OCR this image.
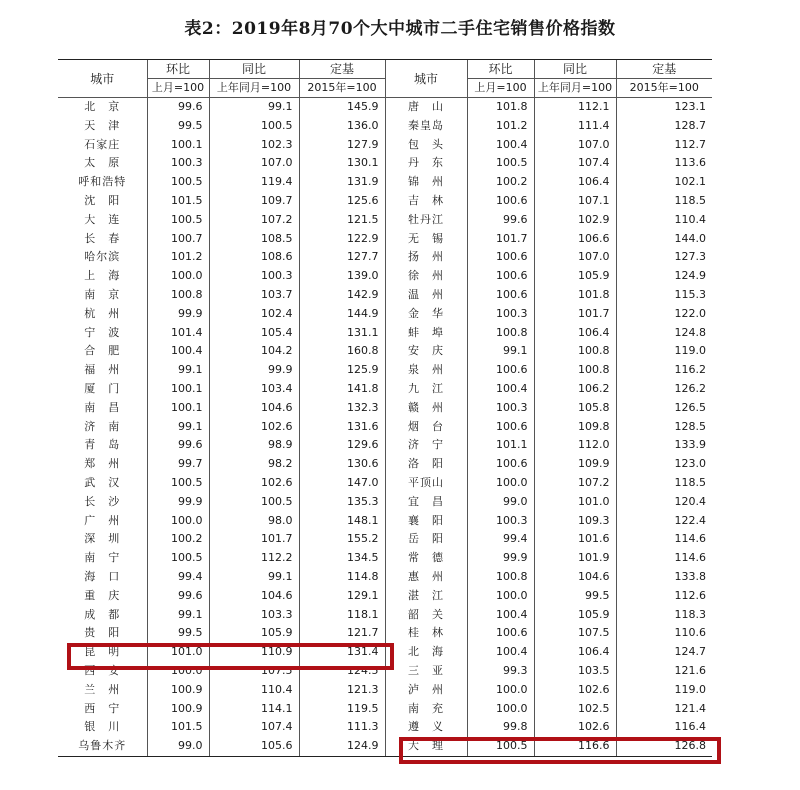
表2：2019年8月70个大中城市二手住宅销售价格指数
城市	环比	同比	定基	城市	环比	同比	定基
	上月=100	上年同月=100	2015年=100		上月=100	上年同月=100	2015年=100
北　京	99.6	99.1	145.9	唐　山	101.8	112.1	123.1
天　津	99.5	100.5	136.0	秦皇岛	101.2	111.4	128.7
石家庄	100.1	102.3	127.9	包　头	100.4	107.0	112.7
太　原	100.3	107.0	130.1	丹　东	100.5	107.4	113.6
呼和浩特	100.5	119.4	131.9	锦　州	100.2	106.4	102.1
沈　阳	101.5	109.7	125.6	吉　林	100.6	107.1	118.5
大　连	100.5	107.2	121.5	牡丹江	99.6	102.9	110.4
长　春	100.7	108.5	122.9	无　锡	101.7	106.6	144.0
哈尔滨	101.2	108.6	127.7	扬　州	100.6	107.0	127.3
上　海	100.0	100.3	139.0	徐　州	100.6	105.9	124.9
南　京	100.8	103.7	142.9	温　州	100.6	101.8	115.3
杭　州	99.9	102.4	144.9	金　华	100.3	101.7	122.0
宁　波	101.4	105.4	131.1	蚌　埠	100.8	106.4	124.8
合　肥	100.4	104.2	160.8	安　庆	99.1	100.8	119.0
福　州	99.1	99.9	125.9	泉　州	100.6	100.8	116.2
厦　门	100.1	103.4	141.8	九　江	100.4	106.2	126.2
南　昌	100.1	104.6	132.3	赣　州	100.3	105.8	126.5
济　南	99.1	102.6	131.6	烟　台	100.6	109.8	128.5
青　岛	99.6	98.9	129.6	济　宁	101.1	112.0	133.9
郑　州	99.7	98.2	130.6	洛　阳	100.6	109.9	123.0
武　汉	100.5	102.6	147.0	平顶山	100.0	107.2	118.5
长　沙	99.9	100.5	135.3	宜　昌	99.0	101.0	120.4
广　州	100.0	98.0	148.1	襄　阳	100.3	109.3	122.4
深　圳	100.2	101.7	155.2	岳　阳	99.4	101.6	114.6
南　宁	100.5	112.2	134.5	常　德	99.9	101.9	114.6
海　口	99.4	99.1	114.8	惠　州	100.8	104.6	133.8
重　庆	99.6	104.6	129.1	湛　江	100.0	99.5	112.6
成　都	99.1	103.3	118.1	韶　关	100.4	105.9	118.3
贵　阳	99.5	105.9	121.7	桂　林	100.6	107.5	110.6
昆　明	101.0	110.9	131.4	北　海	100.4	106.4	124.7
西　安	100.0	107.5	124.5	三　亚	99.3	103.5	121.6
兰　州	100.9	110.4	121.3	泸　州	100.0	102.6	119.0
西　宁	100.9	114.1	119.5	南　充	100.0	102.5	121.4
银　川	101.5	107.4	111.3	遵　义	99.8	102.6	116.4
乌鲁木齐	99.0	105.6	124.9	大　理	100.5	116.6	126.8
